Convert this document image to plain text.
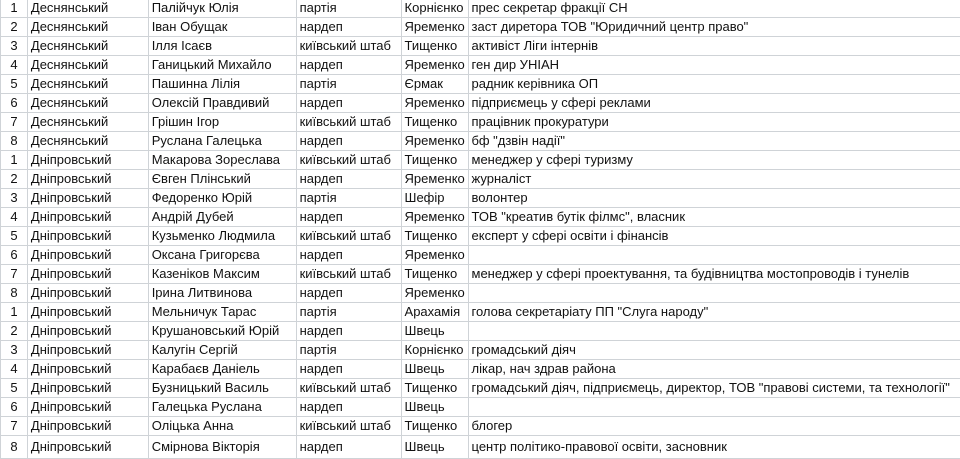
1	Деснянський	Палійчук Юлія	партія	Корнієнко	прес секретар фракції СН
2	Деснянський	Іван Обущак	нардеп	Яременко	заст диретора ТОВ "Юридичний центр право"
3	Деснянський	Ілля Ісаєв	київський штаб	Тищенко	активіст Ліги інтернів
4	Деснянський	Ганицький Михайло	нардеп	Яременко	ген дир УНІАН
5	Деснянський	Пашинна Лілія	партія	Єрмак	радник керівника ОП
6	Деснянський	Олексій Правдивий	нардеп	Яременко	підприємець у сфері реклами
7	Деснянський	Грішин Ігор	київський штаб	Тищенко	працівник прокуратури
8	Деснянський	Руслана Галецька	нардеп	Яременко	бф "дзвін надії"
1	Дніпровський	Макарова Зореслава	київський штаб	Тищенко	менеджер у сфері туризму
2	Дніпровський	Євген Плінський	нардеп	Яременко	журналіст
3	Дніпровський	Федоренко Юрій	партія	Шефір	волонтер
4	Дніпровський	Андрій Дубей	нардеп	Яременко	ТОВ "креатив бутік філмс", власник
5	Дніпровський	Кузьменко Людмила	київський штаб	Тищенко	експерт у сфері освіти і фінансів
6	Дніпровський	Оксана Григорєва	нардеп	Яременко	
7	Дніпровський	Казеніков Максим	київський штаб	Тищенко	менеджер у сфері проектування, та будівництва мостопроводів і тунелів
8	Дніпровський	Ірина Литвинова	нардеп	Яременко	
1	Дніпровський	Мельничук Тарас	партія	Арахамія	голова секретаріату ПП "Слуга народу"
2	Дніпровський	Крушановський Юрій	нардеп	Швець	
3	Дніпровський	Калугін Сергій	партія	Корнієнко	громадський діяч
4	Дніпровський	Карабаєв Даніель	нардеп	Швець	лікар, нач здрав района
5	Дніпровський	Бузницький Василь	київський штаб	Тищенко	громадський діяч, підприємець, директор, ТОВ "правові системи, та технології"
6	Дніпровський	Галецька Руслана	нардеп	Швець	
7	Дніпровський	Оліцька Анна	київський штаб	Тищенко	блогер
8	Дніпровський	Смірнова Вікторія	нардеп	Швець	центр політико-правової освіти, засновник
